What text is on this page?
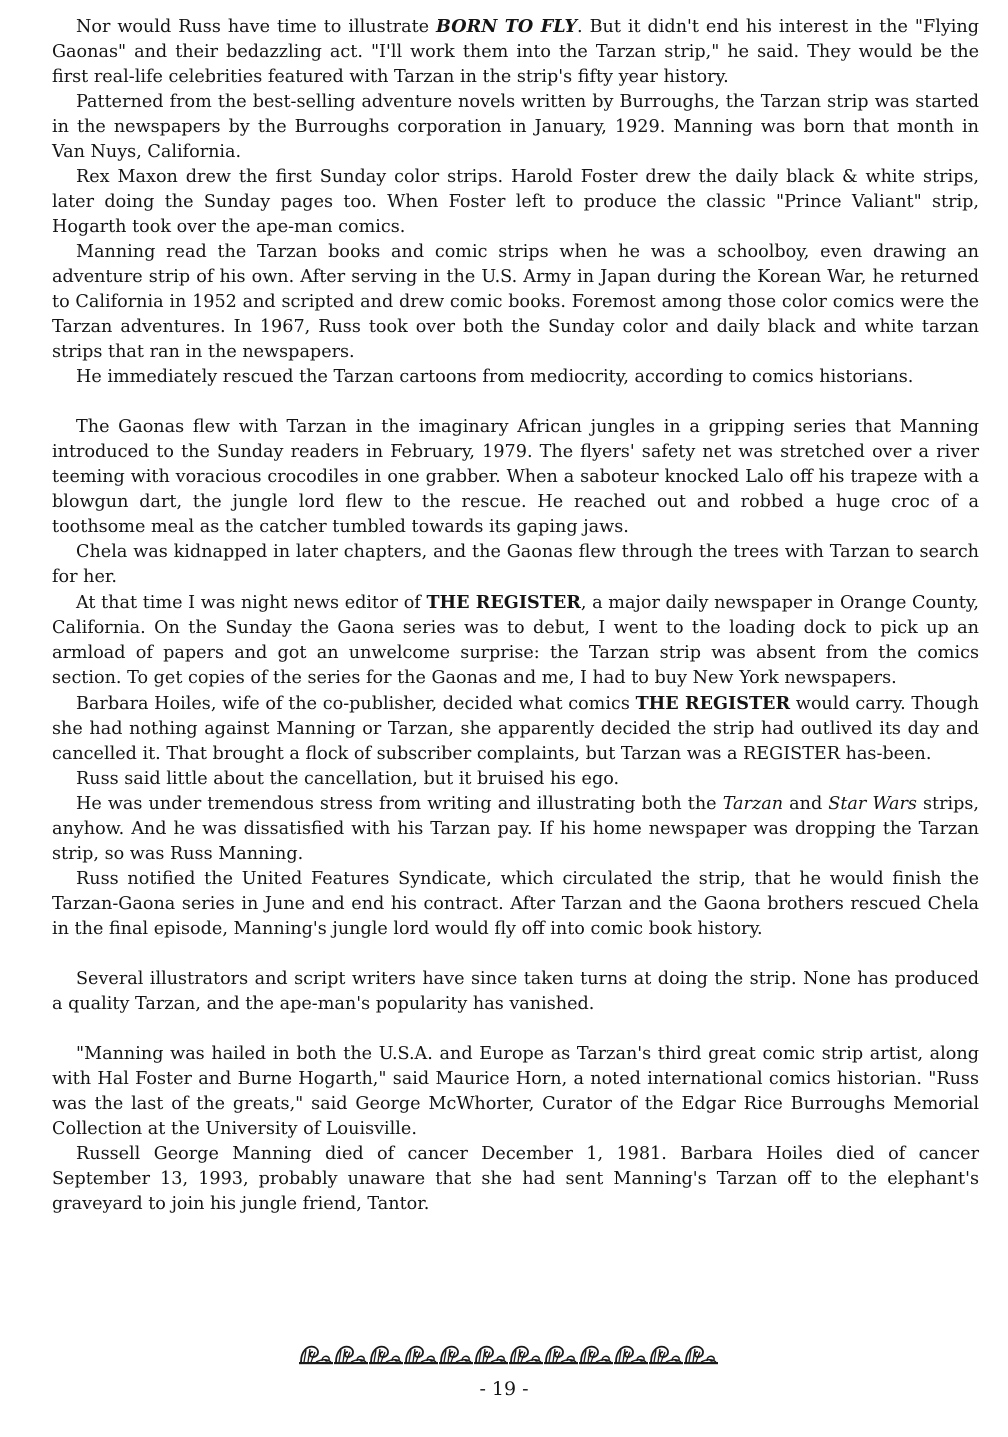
Nor would Russ have time to illustrate BORN TO FLY. But it didn't end his interest in the "Flying Gaonas" and their bedazzling act. "I'll work them into the Tarzan strip," he said. They would be the first real-life celebrities featured with Tarzan in the strip's fifty year history.

Patterned from the best-selling adventure novels written by Burroughs, the Tarzan strip was started in the newspapers by the Burroughs corporation in January, 1929. Manning was born that month in Van Nuys, California.

Rex Maxon drew the first Sunday color strips. Harold Foster drew the daily black & white strips, later doing the Sunday pages too. When Foster left to produce the classic "Prince Valiant" strip, Hogarth took over the ape-man comics.

Manning read the Tarzan books and comic strips when he was a schoolboy, even drawing an adventure strip of his own. After serving in the U.S. Army in Japan during the Korean War, he returned to California in 1952 and scripted and drew comic books. Foremost among those color comics were the Tarzan adventures. In 1967, Russ took over both the Sunday color and daily black and white tarzan strips that ran in the newspapers.

He immediately rescued the Tarzan cartoons from mediocrity, according to comics historians.

The Gaonas flew with Tarzan in the imaginary African jungles in a gripping series that Manning introduced to the Sunday readers in February, 1979. The flyers' safety net was stretched over a river teeming with voracious crocodiles in one grabber. When a saboteur knocked Lalo off his trapeze with a blowgun dart, the jungle lord flew to the rescue. He reached out and robbed a huge croc of a toothsome meal as the catcher tumbled towards its gaping jaws.

Chela was kidnapped in later chapters, and the Gaonas flew through the trees with Tarzan to search for her.

At that time I was night news editor of THE REGISTER, a major daily newspaper in Orange County, California. On the Sunday the Gaona series was to debut, I went to the loading dock to pick up an armload of papers and got an unwelcome surprise: the Tarzan strip was absent from the comics section. To get copies of the series for the Gaonas and me, I had to buy New York newspapers.

Barbara Hoiles, wife of the co-publisher, decided what comics THE REGISTER would carry. Though she had nothing against Manning or Tarzan, she apparently decided the strip had outlived its day and cancelled it. That brought a flock of subscriber complaints, but Tarzan was a REGISTER has-been.

Russ said little about the cancellation, but it bruised his ego.

He was under tremendous stress from writing and illustrating both the Tarzan and Star Wars strips, anyhow. And he was dissatisfied with his Tarzan pay. If his home newspaper was dropping the Tarzan strip, so was Russ Manning.

Russ notified the United Features Syndicate, which circulated the strip, that he would finish the Tarzan-Gaona series in June and end his contract. After Tarzan and the Gaona brothers rescued Chela in the final episode, Manning's jungle lord would fly off into comic book history.

Several illustrators and script writers have since taken turns at doing the strip. None has produced a quality Tarzan, and the ape-man's popularity has vanished.

"Manning was hailed in both the U.S.A. and Europe as Tarzan's third great comic strip artist, along with Hal Foster and Burne Hogarth," said Maurice Horn, a noted international comics historian. "Russ was the last of the greats," said George McWhorter, Curator of the Edgar Rice Burroughs Memorial Collection at the University of Louisville.

Russell George Manning died of cancer December 1, 1981. Barbara Hoiles died of cancer September 13, 1993, probably unaware that she had sent Manning's Tarzan off to the elephant's graveyard to join his jungle friend, Tantor.

- 19 -
